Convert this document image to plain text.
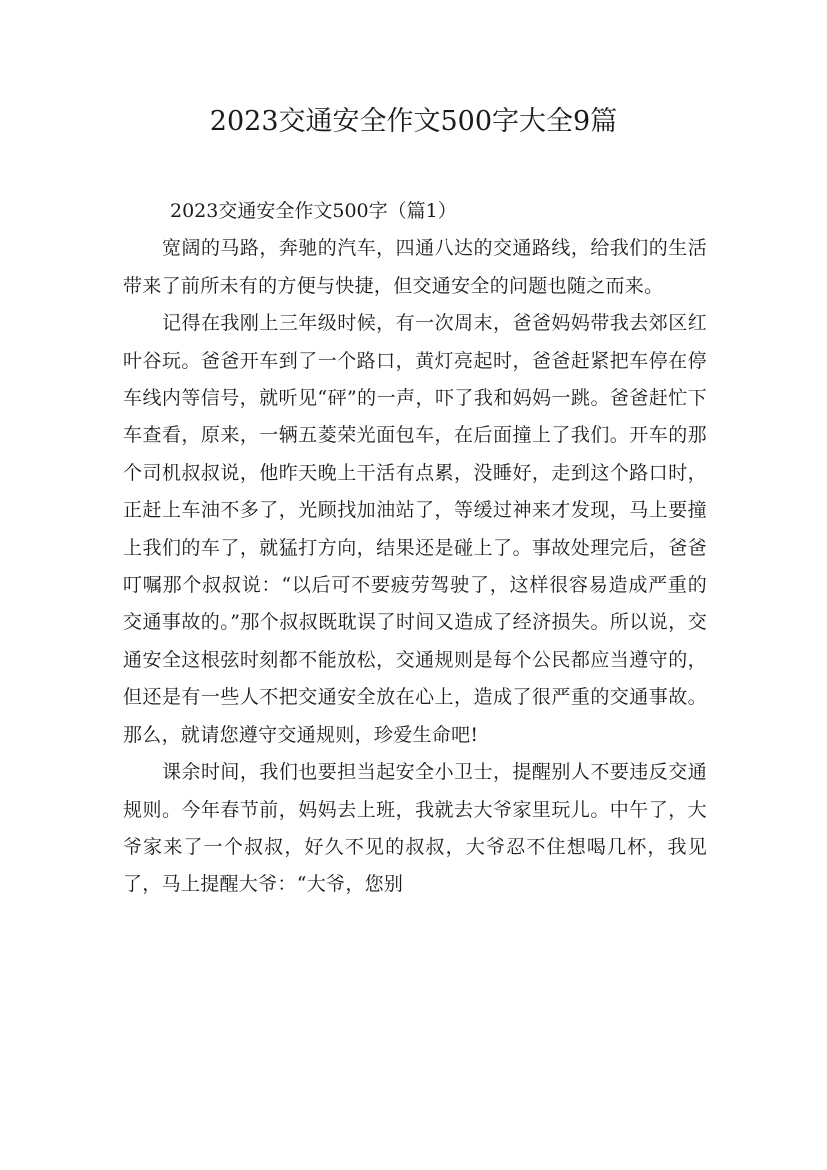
2023交通安全作文500字大全9篇

2023交通安全作文500字（篇1）

宽阔的马路，奔驰的汽车，四通八达的交通路线，给我们的生活带来了前所未有的方便与快捷，但交通安全的问题也随之而来。

记得在我刚上三年级时候，有一次周末，爸爸妈妈带我去郊区红叶谷玩。爸爸开车到了一个路口，黄灯亮起时，爸爸赶紧把车停在停车线内等信号，就听见“砰”的一声，吓了我和妈妈一跳。爸爸赶忙下车查看，原来，一辆五菱荣光面包车，在后面撞上了我们。开车的那个司机叔叔说，他昨天晚上干活有点累，没睡好，走到这个路口时，正赶上车油不多了，光顾找加油站了，等缓过神来才发现，马上要撞上我们的车了，就猛打方向，结果还是碰上了。事故处理完后，爸爸叮嘱那个叔叔说：“以后可不要疲劳驾驶了，这样很容易造成严重的交通事故的。”那个叔叔既耽误了时间又造成了经济损失。所以说，交通安全这根弦时刻都不能放松，交通规则是每个公民都应当遵守的，但还是有一些人不把交通安全放在心上，造成了很严重的交通事故。那么，就请您遵守交通规则，珍爱生命吧!

课余时间，我们也要担当起安全小卫士，提醒别人不要违反交通规则。今年春节前，妈妈去上班，我就去大爷家里玩儿。中午了，大爷家来了一个叔叔，好久不见的叔叔，大爷忍不住想喝几杯，我见了，马上提醒大爷：“大爷，您别
